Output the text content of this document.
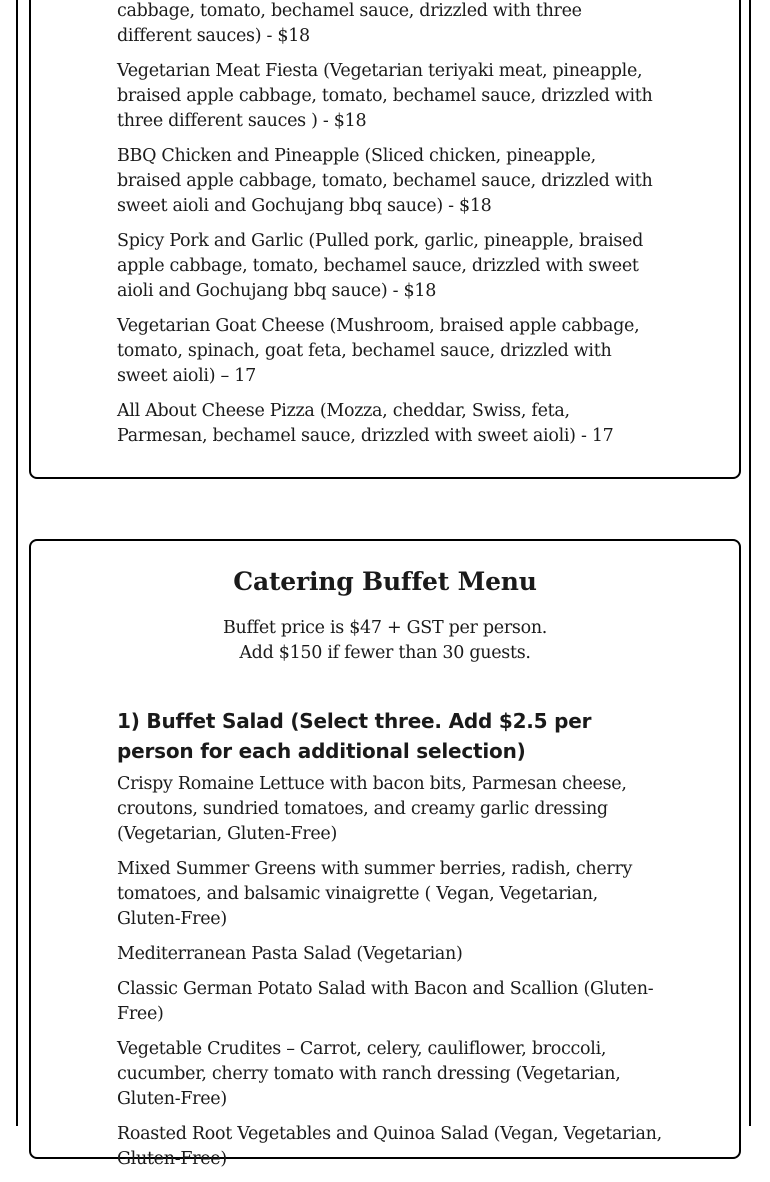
cabbage, tomato, bechamel sauce, drizzled with three different sauces) - $18

Vegetarian Meat Fiesta (Vegetarian teriyaki meat, pineapple, braised apple cabbage, tomato, bechamel sauce, drizzled with three different sauces ) - $18

BBQ Chicken and Pineapple (Sliced chicken, pineapple, braised apple cabbage, tomato, bechamel sauce, drizzled with sweet aioli and Gochujang bbq sauce) - $18

Spicy Pork and Garlic (Pulled pork, garlic, pineapple, braised apple cabbage, tomato, bechamel sauce, drizzled with sweet aioli and Gochujang bbq sauce) - $18

Vegetarian Goat Cheese (Mushroom, braised apple cabbage, tomato, spinach, goat feta, bechamel sauce, drizzled with sweet aioli) – 17

All About Cheese Pizza (Mozza, cheddar, Swiss, feta, Parmesan, bechamel sauce, drizzled with sweet aioli) - 17

Catering Buffet Menu
Buffet price is $47 + GST per person.
Add $150 if fewer than 30 guests.
1) Buffet Salad (Select three. Add $2.5 per person for each additional selection)

Crispy Romaine Lettuce with bacon bits, Parmesan cheese, croutons, sundried tomatoes, and creamy garlic dressing (Vegetarian, Gluten-Free)

Mixed Summer Greens with summer berries, radish, cherry tomatoes, and balsamic vinaigrette ( Vegan, Vegetarian, Gluten-Free)

Mediterranean Pasta Salad (Vegetarian)

Classic German Potato Salad with Bacon and Scallion (Gluten-Free)

Vegetable Crudites – Carrot, celery, cauliflower, broccoli, cucumber, cherry tomato with ranch dressing (Vegetarian, Gluten-Free)

Roasted Root Vegetables and Quinoa Salad (Vegan, Vegetarian, Gluten-Free)
